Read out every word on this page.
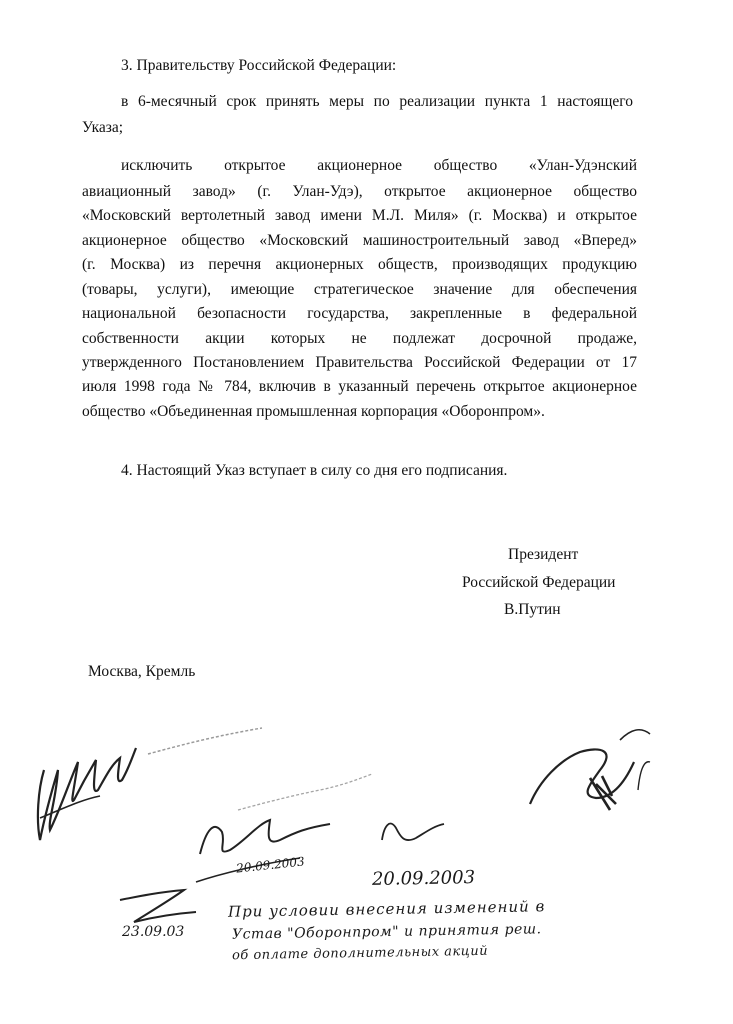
3. Правительству Российской Федерации:
в 6-месячный срок принять меры по реализации пункта 1 настоящего
Указа;
исключить открытое акционерное общество «Улан-Удэнский
авиационный завод» (г. Улан-Удэ), открытое акционерное общество
«Московский вертолетный завод имени М.Л. Миля» (г. Москва) и открытое
акционерное общество «Московский машиностроительный завод «Вперед»
(г. Москва) из перечня акционерных обществ, производящих продукцию
(товары, услуги), имеющие стратегическое значение для обеспечения
национальной безопасности государства, закрепленные в федеральной
собственности акции которых не подлежат досрочной продаже,
утвержденного Постановлением Правительства Российской Федерации от 17
июля 1998 года № 784, включив в указанный перечень открытое акционерное
общество «Объединенная промышленная корпорация «Оборонпром».
4. Настоящий Указ вступает в силу со дня его подписания.
Президент
Российской Федерации
В.Путин
Москва, Кремль
20.09.2003
20.09.2003
23.09.03
При условии внесения изменений в
Устав "Оборонпром" и принятия реш.
об оплате дополнительных акций
